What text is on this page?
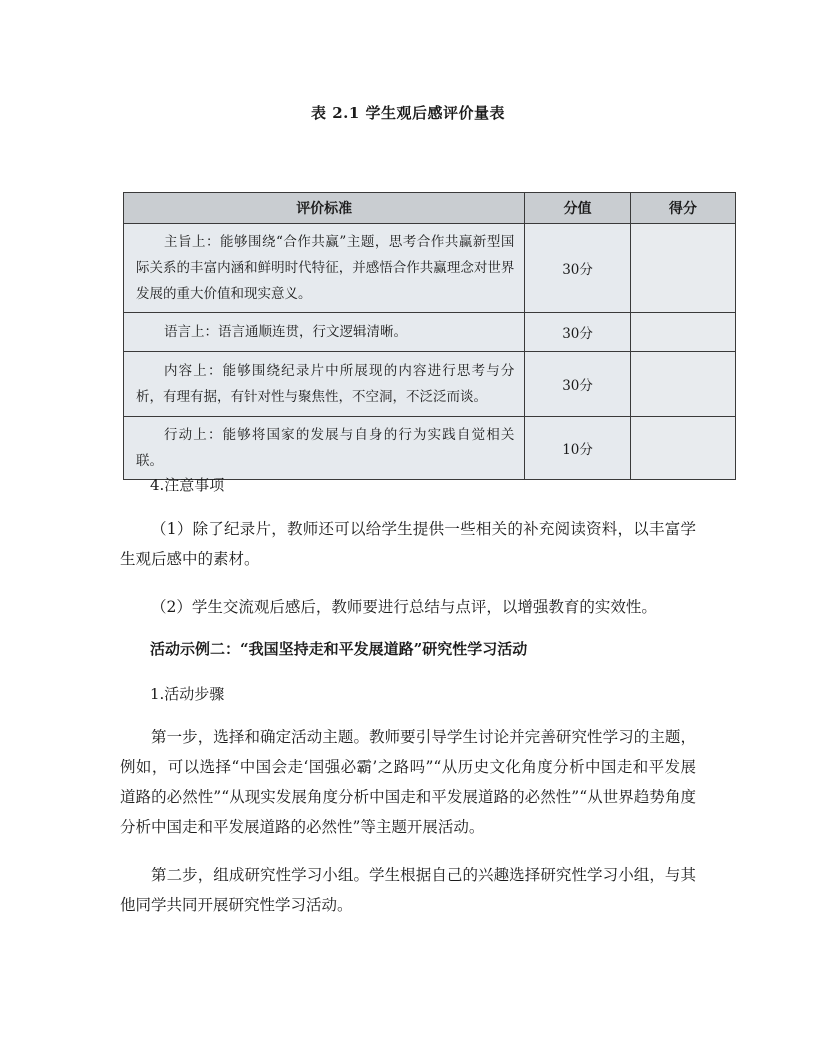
表 2.1 学生观后感评价量表
评价标准	分值	得分
主旨上：能够围绕“合作共赢”主题，思考合作共赢新型国际关系的丰富内涵和鲜明时代特征，并感悟合作共赢理念对世界发展的重大价值和现实意义。	30分	
语言上：语言通顺连贯，行文逻辑清晰。	30分	
内容上：能够围绕纪录片中所展现的内容进行思考与分析，有理有据，有针对性与聚焦性，不空洞，不泛泛而谈。	30分	
行动上：能够将国家的发展与自身的行为实践自觉相关联。	10分	
4.注意事项
（1）除了纪录片，教师还可以给学生提供一些相关的补充阅读资料，以丰富学生观后感中的素材。
（2）学生交流观后感后，教师要进行总结与点评，以增强教育的实效性。
活动示例二：“我国坚持走和平发展道路”研究性学习活动
1.活动步骤
第一步，选择和确定活动主题。教师要引导学生讨论并完善研究性学习的主题，例如，可以选择“中国会走‘国强必霸’之路吗”“从历史文化角度分析中国走和平发展道路的必然性”“从现实发展角度分析中国走和平发展道路的必然性”“从世界趋势角度分析中国走和平发展道路的必然性”等主题开展活动。
第二步，组成研究性学习小组。学生根据自己的兴趣选择研究性学习小组，与其他同学共同开展研究性学习活动。
